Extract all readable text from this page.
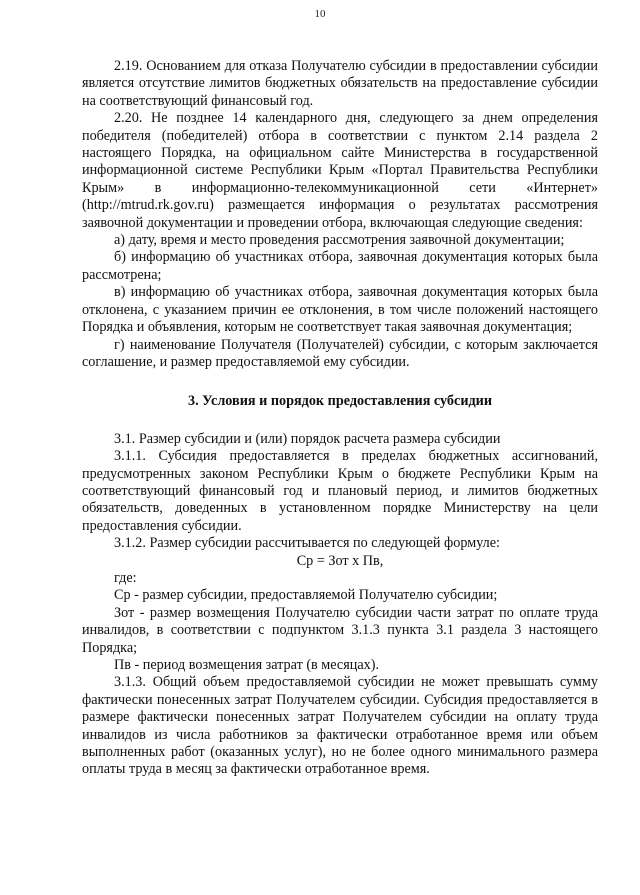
10

2.19. Основанием для отказа Получателю субсидии в предоставлении субсидии является отсутствие лимитов бюджетных обязательств на предоставление субсидии на соответствующий финансовый год.

2.20. Не позднее 14 календарного дня, следующего за днем определения победителя (победителей) отбора в соответствии с пунктом 2.14 раздела 2 настоящего Порядка, на официальном сайте Министерства в государственной информационной системе Республики Крым «Портал Правительства Республики Крым» в информационно-телекоммуникационной сети «Интернет» (http://mtrud.rk.gov.ru) размещается информация о результатах рассмотрения заявочной документации и проведении отбора, включающая следующие сведения:

а) дату, время и место проведения рассмотрения заявочной документации;

б) информацию об участниках отбора, заявочная документация которых была рассмотрена;

в) информацию об участниках отбора, заявочная документация которых была отклонена, с указанием причин ее отклонения, в том числе положений настоящего Порядка и объявления, которым не соответствует такая заявочная документация;

г) наименование Получателя (Получателей) субсидии, с которым заключается соглашение, и размер предоставляемой ему субсидии.

3. Условия и порядок предоставления субсидии

3.1. Размер субсидии и (или) порядок расчета размера субсидии

3.1.1. Субсидия предоставляется в пределах бюджетных ассигнований, предусмотренных законом Республики Крым о бюджете Республики Крым на соответствующий финансовый год и плановый период, и лимитов бюджетных обязательств, доведенных в установленном порядке Министерству на цели предоставления субсидии.

3.1.2. Размер субсидии рассчитывается по следующей формуле:

Ср = Зот х Пв,

где:

Ср - размер субсидии, предоставляемой Получателю субсидии;

Зот - размер возмещения Получателю субсидии части затрат по оплате труда инвалидов, в соответствии с подпунктом 3.1.3 пункта 3.1 раздела 3 настоящего Порядка;

Пв - период возмещения затрат (в месяцах).

3.1.3. Общий объем предоставляемой субсидии не может превышать сумму фактически понесенных затрат Получателем субсидии. Субсидия предоставляется в размере фактически понесенных затрат Получателем субсидии на оплату труда инвалидов из числа работников за фактически отработанное время или объем выполненных работ (оказанных услуг), но не более одного минимального размера оплаты труда в месяц за фактически отработанное время.
